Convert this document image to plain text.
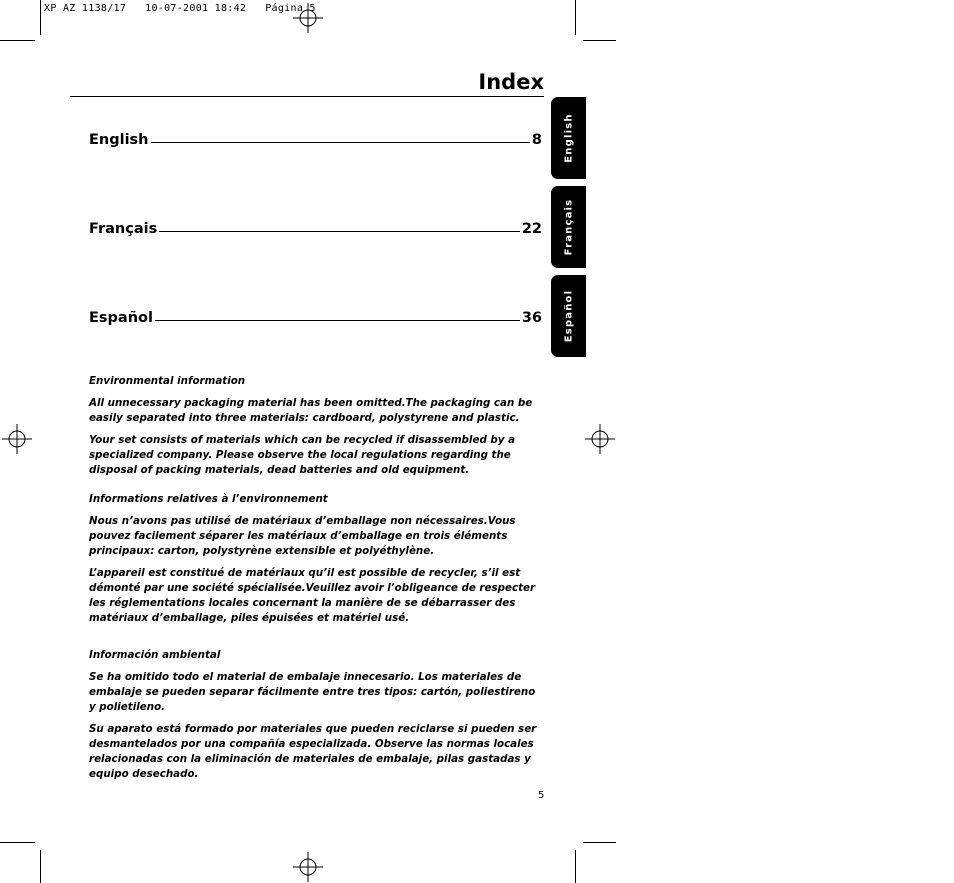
XP AZ 1138/17   10-07-2001 18:42   Página 5
Index
English	8
Français	22
Español	36
English
Français
Español

Environmental information

All unnecessary packaging material has been omitted.The packaging can be easily separated into three materials: cardboard, polystyrene and plastic.

Your set consists of materials which can be recycled if disassembled by a specialized company. Please observe the local regulations regarding the disposal of packing materials, dead batteries and old equipment.

Informations relatives à l’environnement

Nous n’avons pas utilisé de matériaux d’emballage non nécessaires.Vous pouvez facilement séparer les matériaux d’emballage en trois éléments principaux: carton, polystyrène extensible et polyéthylène.

L’appareil est constitué de matériaux qu’il est possible de recycler, s’il est démonté par une société spécialisée.Veuillez avoir l’obligeance de respecter les réglementations locales concernant la manière de se débarrasser des matériaux d’emballage, piles épuisées et matériel usé.

Información ambiental

Se ha omitido todo el material de embalaje innecesario. Los materiales de embalaje se pueden separar fácilmente entre tres tipos: cartón, poliestireno y polietileno.

Su aparato está formado por materiales que pueden reciclarse si pueden ser desmantelados por una compañía especializada. Observe las normas locales relacionadas con la eliminación de materiales de embalaje, pilas gastadas y equipo desechado.

5
